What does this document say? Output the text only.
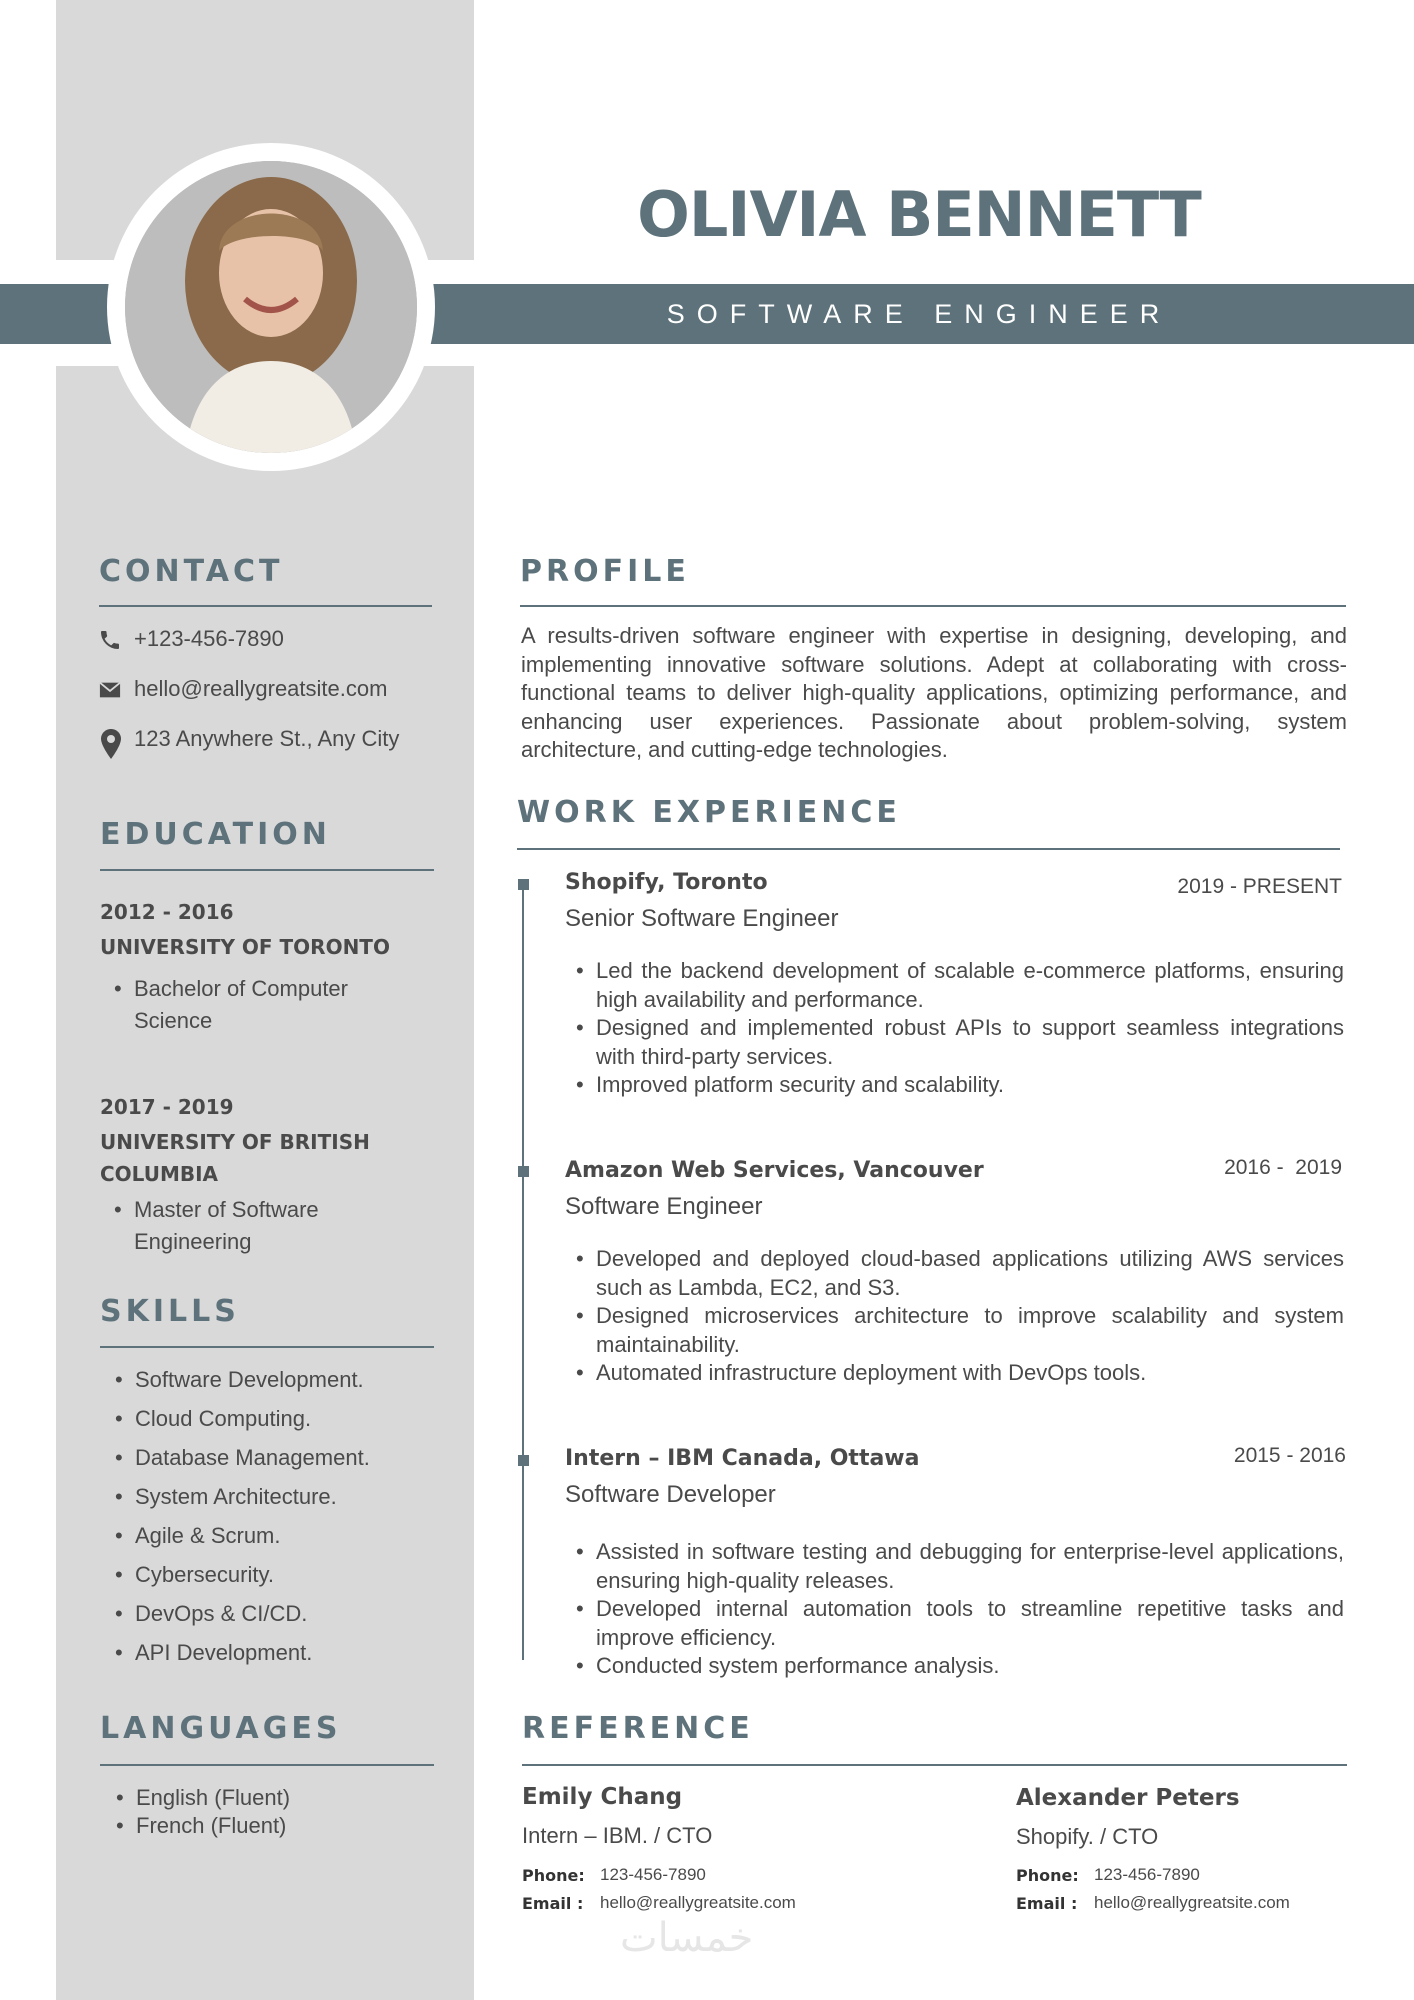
OLIVIA BENNETT
SOFTWARE ENGINEER
CONTACT
+123-456-7890
hello@reallygreatsite.com
123 Anywhere St., Any City
EDUCATION
2012 - 2016
UNIVERSITY OF TORONTO
• Bachelor of Computer
Science
2017 - 2019
UNIVERSITY OF BRITISH
COLUMBIA
• Master of Software
Engineering
SKILLS
• Software Development.
• Cloud Computing.
• Database Management.
• System Architecture.
• Agile & Scrum.
• Cybersecurity.
• DevOps & CI/CD.
• API Development.
LANGUAGES
• English (Fluent)
• French (Fluent)
PROFILE
A results-driven software engineer with expertise in designing, developing, and implementing innovative software solutions. Adept at collaborating with cross-functional teams to deliver high-quality applications, optimizing performance, and enhancing user experiences. Passionate about problem-solving, system architecture, and cutting-edge technologies.
WORK EXPERIENCE
Shopify, Toronto	2019 - PRESENT
Senior Software Engineer
• Led the backend development of scalable e-commerce platforms, ensuring high availability and performance.
• Designed and implemented robust APIs to support seamless integrations with third-party services.
• Improved platform security and scalability.
Amazon Web Services, Vancouver	2016 -  2019
Software Engineer
• Developed and deployed cloud-based applications utilizing AWS services such as Lambda, EC2, and S3.
• Designed microservices architecture to improve scalability and system maintainability.
• Automated infrastructure deployment with DevOps tools.
Intern – IBM Canada, Ottawa	2015 - 2016
Software Developer
• Assisted in software testing and debugging for enterprise-level applications, ensuring high-quality releases.
• Developed internal automation tools to streamline repetitive tasks and improve efficiency.
• Conducted system performance analysis.
REFERENCE
Emily Chang
Intern – IBM. / CTO
Phone: 123-456-7890
Email : hello@reallygreatsite.com
Alexander Peters
Shopify. / CTO
Phone: 123-456-7890
Email : hello@reallygreatsite.com
خمسات
